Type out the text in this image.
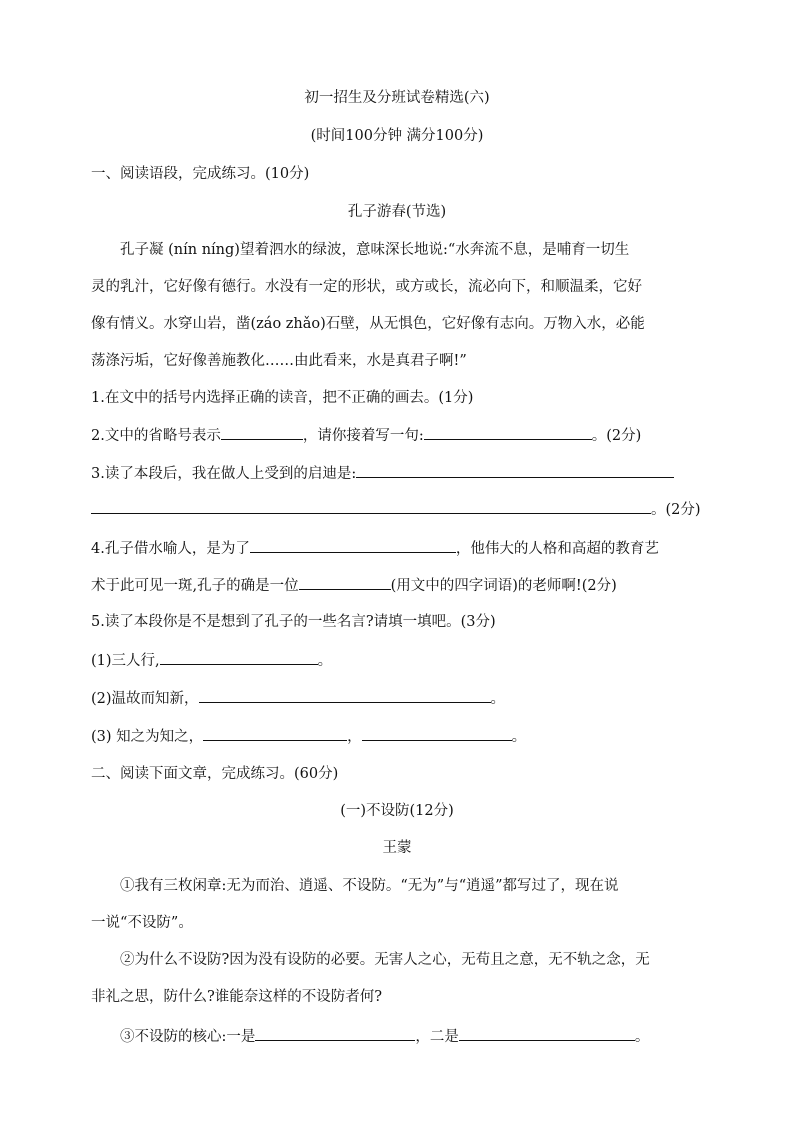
初一招生及分班试卷精选(六)
(时间100分钟 满分100分)
一、阅读语段，完成练习。(10分)
孔子游春(节选)
孔子凝 (nín níng)望着泗水的绿波，意味深长地说:“水奔流不息，是哺育一切生
灵的乳汁，它好像有德行。水没有一定的形状，或方或长，流必向下，和顺温柔，它好
像有情义。水穿山岩，凿(záo zhǎo)石壁，从无惧色，它好像有志向。万物入水，必能
荡涤污垢，它好像善施教化……由此看来，水是真君子啊!”
1.在文中的括号内选择正确的读音，把不正确的画去。(1分)
2.文中的省略号表示	，请你接着写一句:	。(2分)
3.读了本段后，我在做人上受到的启迪是:
。(2分)
4.孔子借水喻人，是为了	，他伟大的人格和高超的教育艺
术于此可见一斑,孔子的确是一位	(用文中的四字词语)的老师啊!(2分)
5.读了本段你是不是想到了孔子的一些名言?请填一填吧。(3分)
(1)三人行,	。
(2)温故而知新，	。
(3) 知之为知之，	，	。
二、阅读下面文章，完成练习。(60分)
(一)不设防(12分)
王蒙
①我有三枚闲章:无为而治、逍遥、不设防。“无为”与“逍遥”都写过了，现在说
一说“不设防”。
②为什么不设防?因为没有设防的必要。无害人之心，无苟且之意，无不轨之念，无
非礼之思，防什么?谁能奈这样的不设防者何?
③不设防的核心:一是	，二是	。
